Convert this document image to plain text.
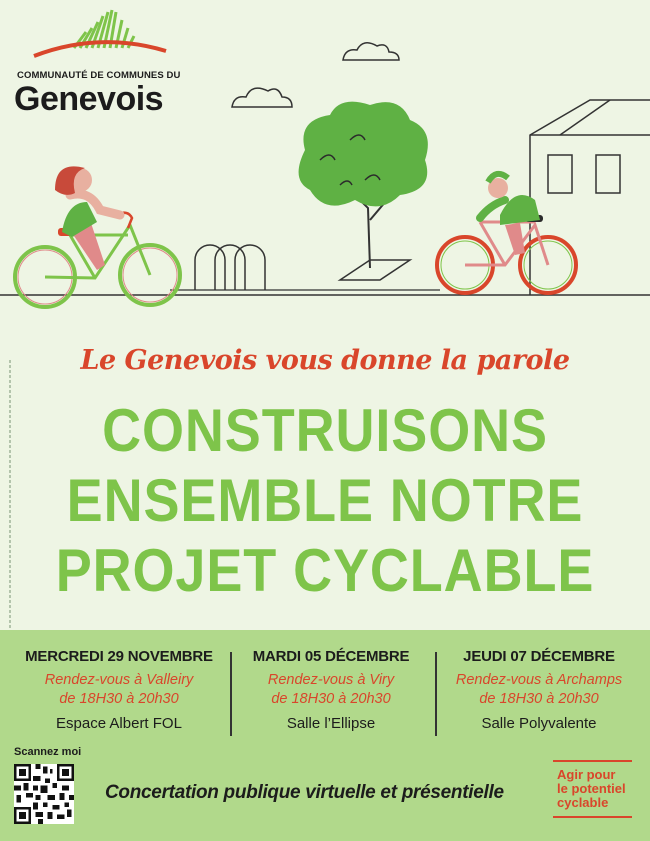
COMMUNAUTÉ DE COMMUNES DU
Genevois
Le Genevois vous donne la parole
CONSTRUISONS
ENSEMBLE NOTRE
PROJET CYCLABLE
MERCREDI 29 NOVEMBRE
Rendez-vous à Valleiry
de 18H30 à 20h30
Espace Albert FOL
MARDI 05 DÉCEMBRE
Rendez-vous à Viry
de 18H30 à 20h30
Salle l’Ellipse
JEUDI 07 DÉCEMBRE
Rendez-vous à Archamps
de 18H30 à 20h30
Salle Polyvalente
Scannez moi
Concertation publique virtuelle et présentielle
Agir pour
le potentiel
cyclable
